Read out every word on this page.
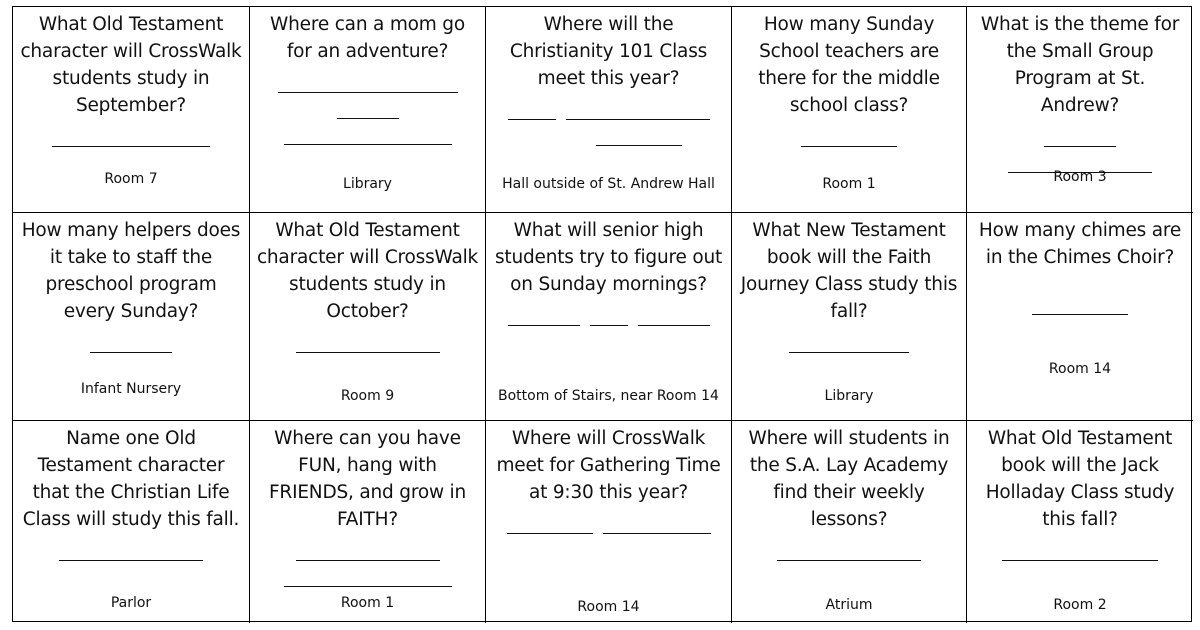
What Old Testament character will CrossWalk students study in September?
Room 7
Where can a mom go for an adventure?
Library
Where will the Christianity 101 Class meet this year?
Hall outside of St. Andrew Hall
How many Sunday School teachers are there for the middle school class?
Room 1
What is the theme for the Small Group Program at St. Andrew?
Room 3
How many helpers does it take to staff the preschool program every Sunday?
Infant Nursery
What Old Testament character will CrossWalk students study in October?
Room 9
What will senior high students try to figure out on Sunday mornings?
Bottom of Stairs, near Room 14
What New Testament book will the Faith Journey Class study this fall?
Library
How many chimes are in the Chimes Choir?
Room 14
Name one Old Testament character that the Christian Life Class will study this fall.
Parlor
Where can you have FUN, hang with FRIENDS, and grow in FAITH?
Room 1
Where will CrossWalk meet for Gathering Time at 9:30 this year?
Room 14
Where will students in the S.A. Lay Academy find their weekly lessons?
Atrium
What Old Testament book will the Jack Holladay Class study this fall?
Room 2
